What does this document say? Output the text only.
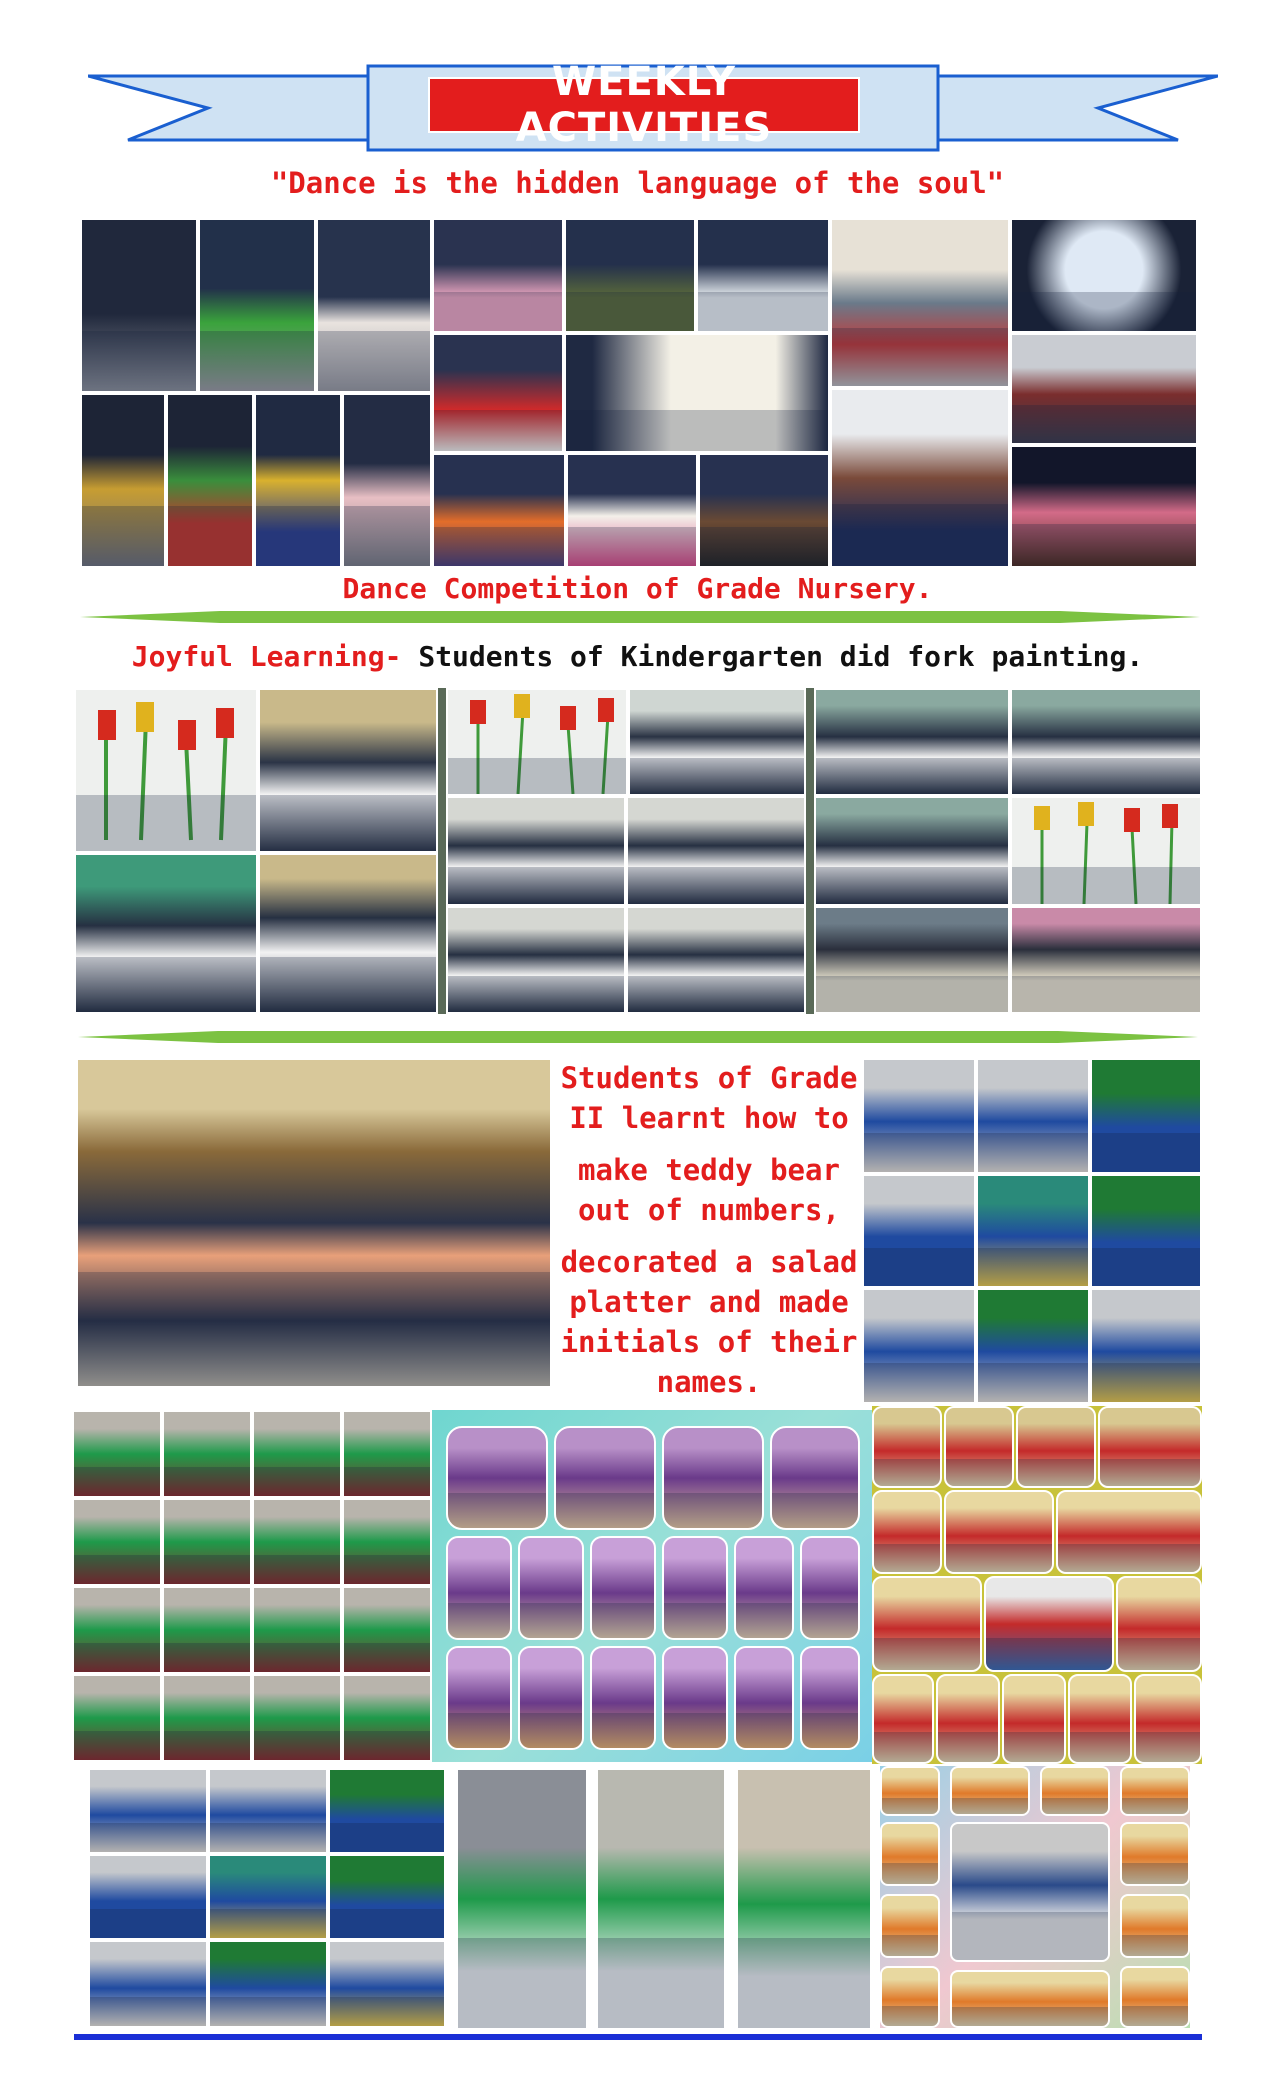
WEEKLY ACTIVITIES
"Dance is the hidden language of the soul"
Dance Competition of Grade Nursery.
Joyful Learning- Students of Kindergarten did fork painting.
Students of Grade
II learnt how to
make teddy bear
out of numbers,
decorated a salad
platter and made
initials of their
names.
